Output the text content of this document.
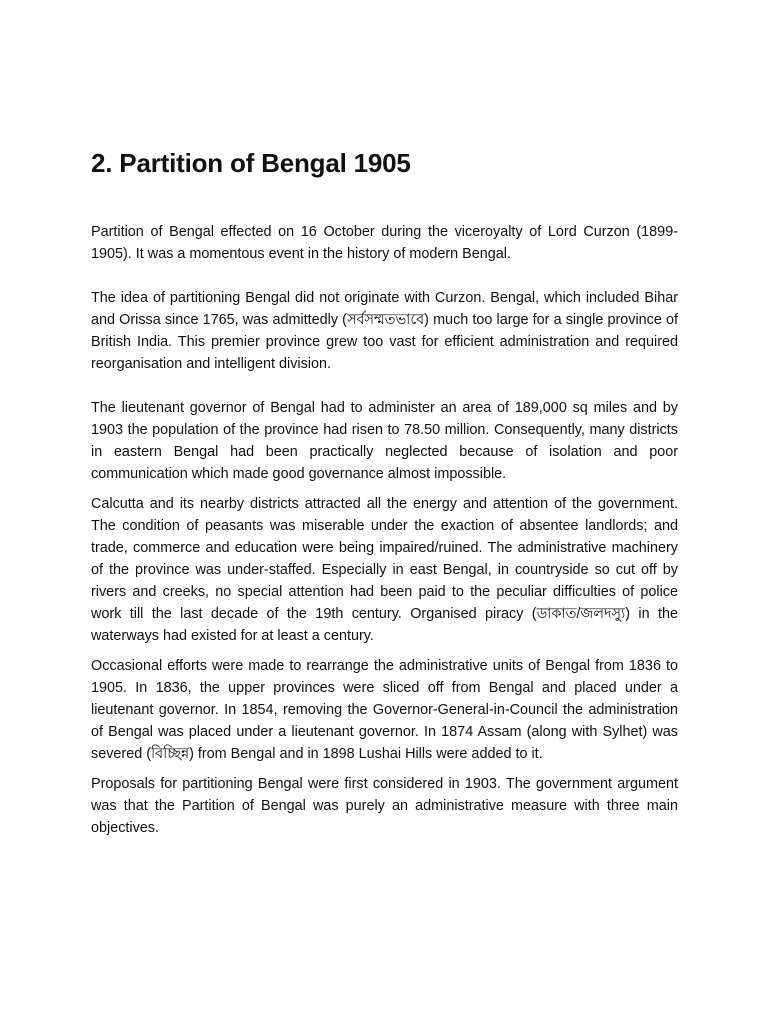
2. Partition of Bengal 1905

Partition of Bengal effected on 16 October during the viceroyalty of Lord Curzon (1899-1905). It was a momentous event in the history of modern Bengal.

The idea of partitioning Bengal did not originate with Curzon. Bengal, which included Bihar and Orissa since 1765, was admittedly (সর্বসম্মতভাবে) much too large for a single province of British India. This premier province grew too vast for efficient administration and required reorganisation and intelligent division.

The lieutenant governor of Bengal had to administer an area of 189,000 sq miles and by 1903 the population of the province had risen to 78.50 million. Consequently, many districts in eastern Bengal had been practically neglected because of isolation and poor communication which made good governance almost impossible.

Calcutta and its nearby districts attracted all the energy and attention of the government. The condition of peasants was miserable under the exaction of absentee landlords; and trade, commerce and education were being impaired/ruined. The administrative machinery of the province was under-staffed. Especially in east Bengal, in countryside so cut off by rivers and creeks, no special attention had been paid to the peculiar difficulties of police work till the last decade of the 19th century. Organised piracy (ডাকাত/জলদস্যু) in the waterways had existed for at least a century.

Occasional efforts were made to rearrange the administrative units of Bengal from 1836 to 1905. In 1836, the upper provinces were sliced off from Bengal and placed under a lieutenant governor. In 1854, removing the Governor-General-in-Council the administration of Bengal was placed under a lieutenant governor. In 1874 Assam (along with Sylhet) was severed (বিচ্ছিন্ন) from Bengal and in 1898 Lushai Hills were added to it.

Proposals for partitioning Bengal were first considered in 1903. The government argument was that the Partition of Bengal was purely an administrative measure with three main objectives.
